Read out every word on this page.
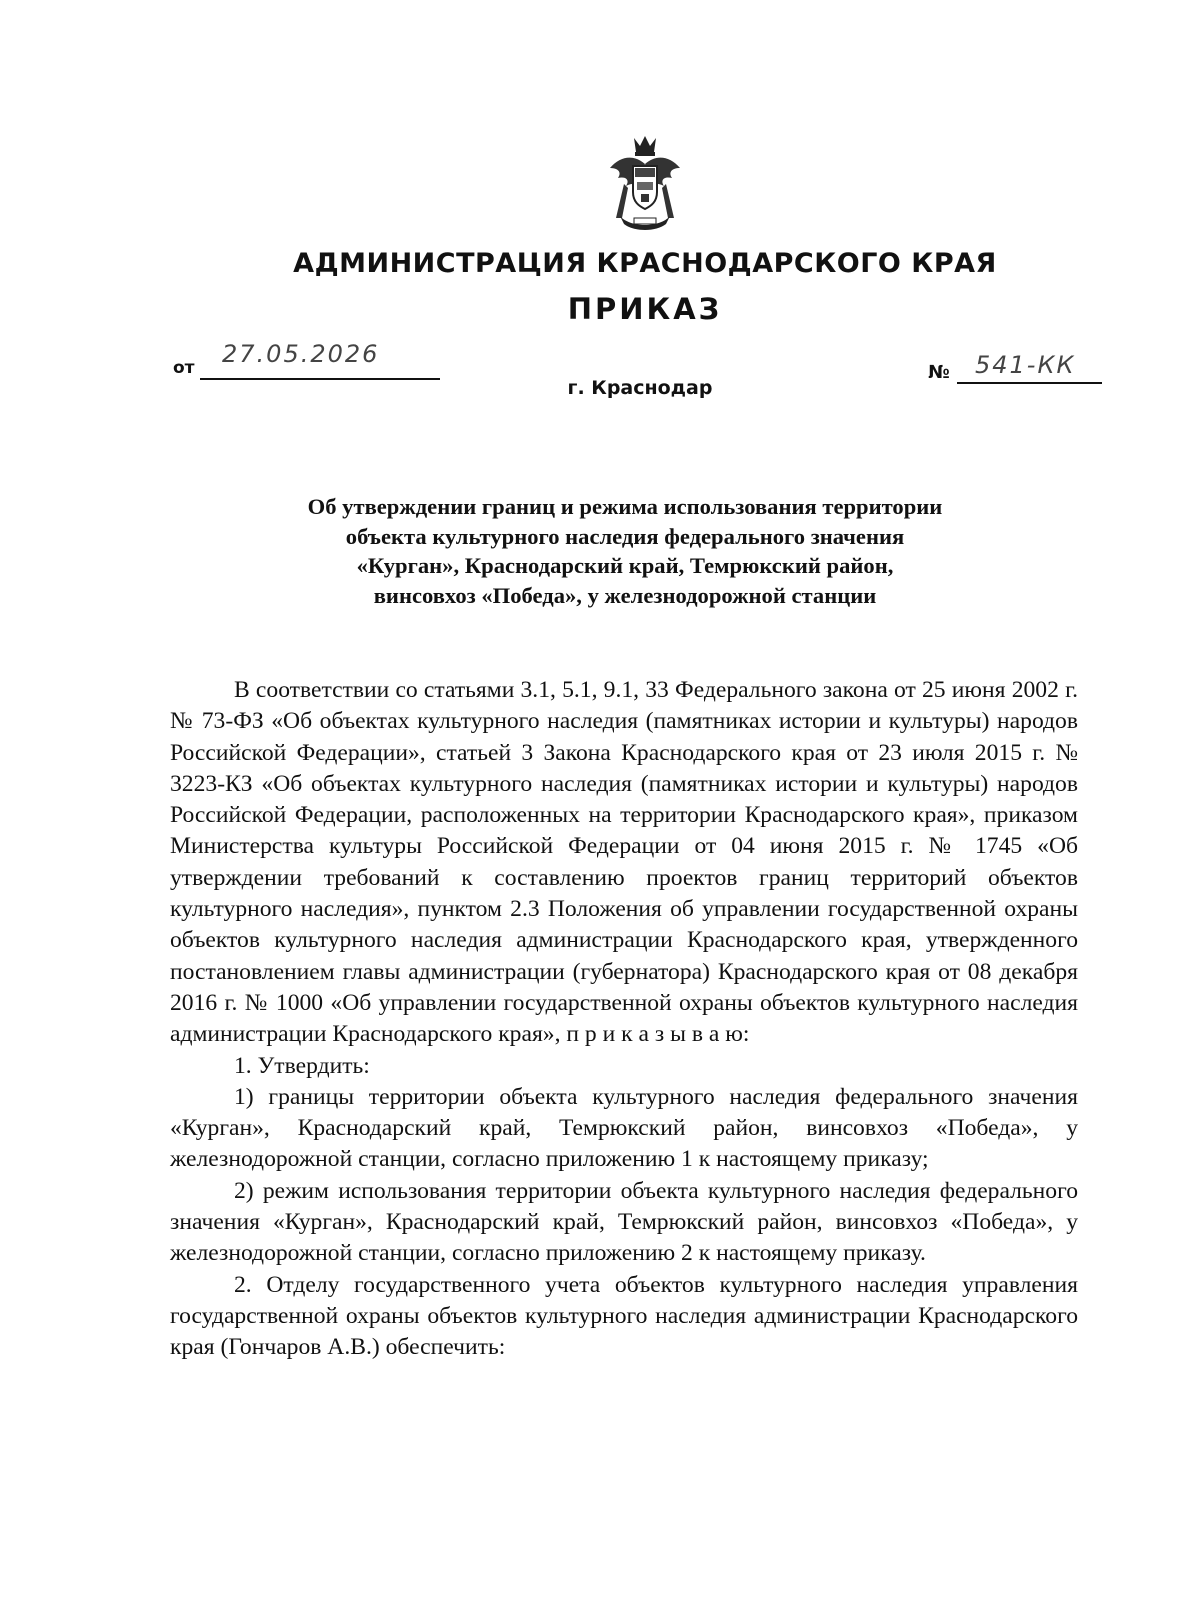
АДМИНИСТРАЦИЯ КРАСНОДАРСКОГО КРАЯ
ПРИКАЗ
от 27.05.2026
г. Краснодар
№ 541-КК
Об утверждении границ и режима использования территории
объекта культурного наследия федерального значения
«Курган», Краснодарский край, Темрюкский район,
винсовхоз «Победа», у железнодорожной станции

В соответствии со статьями 3.1, 5.1, 9.1, 33 Федерального закона от 25 июня 2002 г. № 73-ФЗ «Об объектах культурного наследия (памятниках истории и культуры) народов Российской Федерации», статьей 3 Закона Краснодарского края от 23 июля 2015 г. № 3223-КЗ «Об объектах культурного наследия (памятниках истории и культуры) народов Российской Федерации, расположенных на территории Краснодарского края», приказом Министерства культуры Российской Федерации от 04 июня 2015 г. № 1745 «Об утверждении требований к составлению проектов границ территорий объектов культурного наследия», пунктом 2.3 Положения об управлении государственной охраны объектов культурного наследия администрации Краснодарского края, утвержденного постановлением главы администрации (губернатора) Краснодарского края от 08 декабря 2016 г. № 1000 «Об управлении государственной охраны объектов культурного наследия администрации Краснодарского края», п р и к а з ы в а ю:

1. Утвердить:

1) границы территории объекта культурного наследия федерального значения «Курган», Краснодарский край, Темрюкский район, винсовхоз «Победа», у железнодорожной станции, согласно приложению 1 к настоящему приказу;

2) режим использования территории объекта культурного наследия федерального значения «Курган», Краснодарский край, Темрюкский район, винсовхоз «Победа», у железнодорожной станции, согласно приложению 2 к настоящему приказу.

2. Отделу государственного учета объектов культурного наследия управления государственной охраны объектов культурного наследия администрации Краснодарского края (Гончаров А.В.) обеспечить:
